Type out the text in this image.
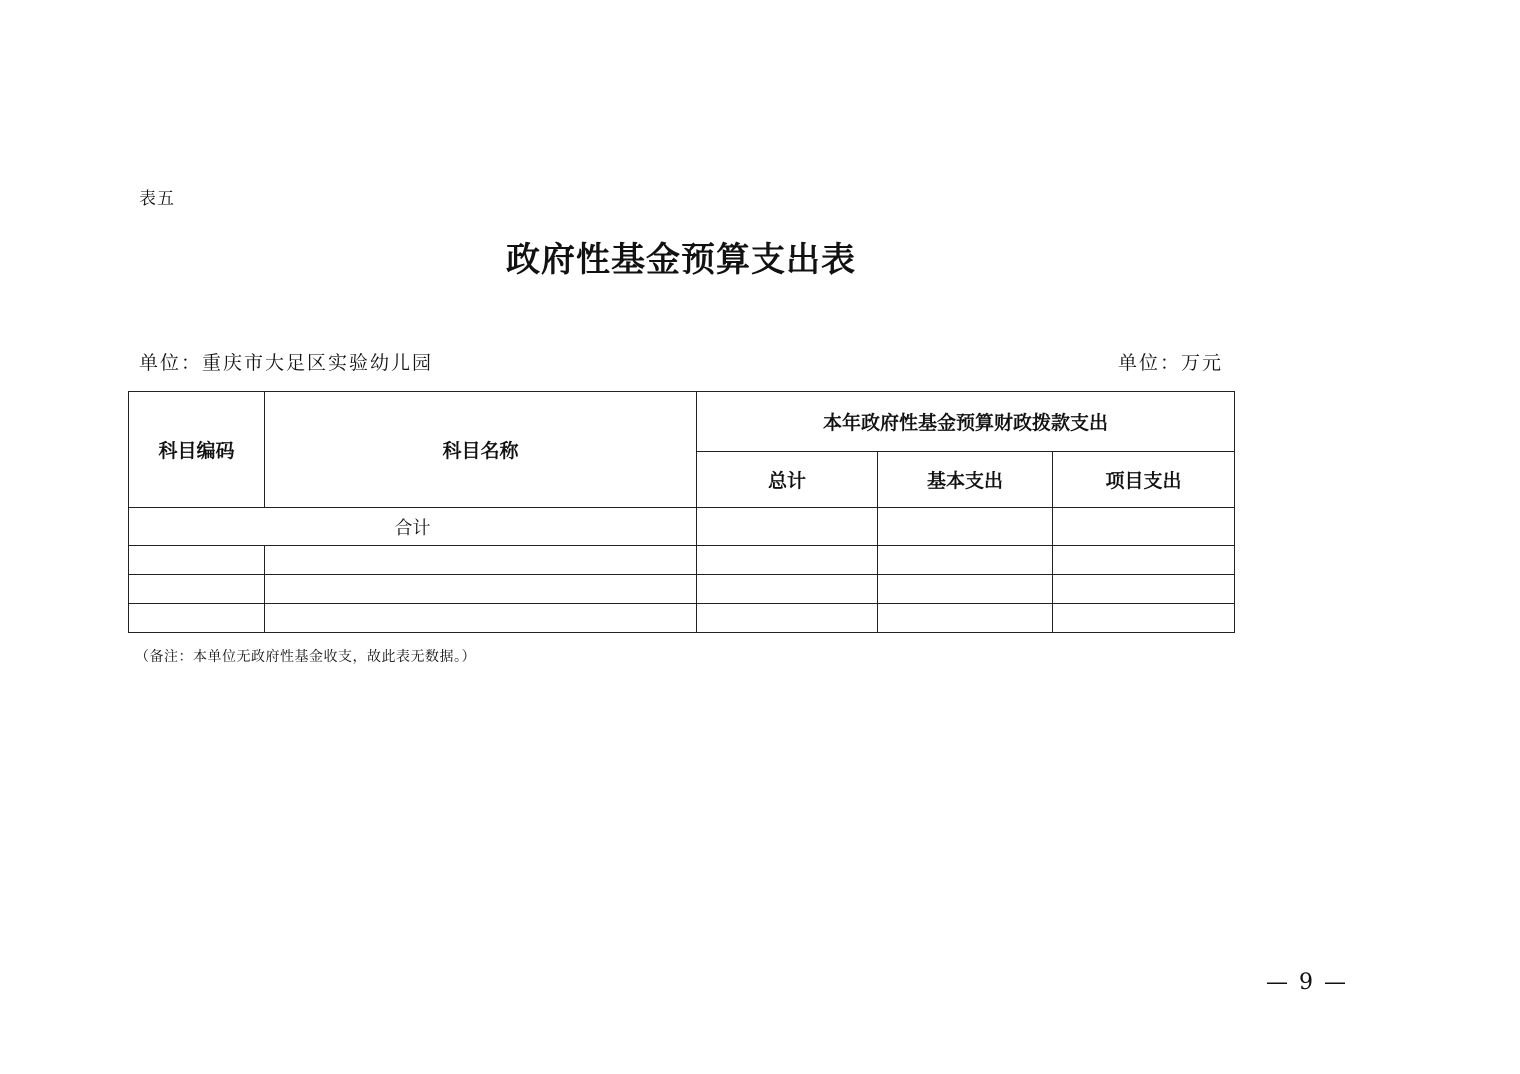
表五
政府性基金预算支出表
单位：重庆市大足区实验幼儿园	单位：万元
科目编码	科目名称	本年政府性基金预算财政拨款支出		
		总计	基本支出	项目支出
合计				

（备注：本单位无政府性基金收支，故此表无数据。）
— 9 —
